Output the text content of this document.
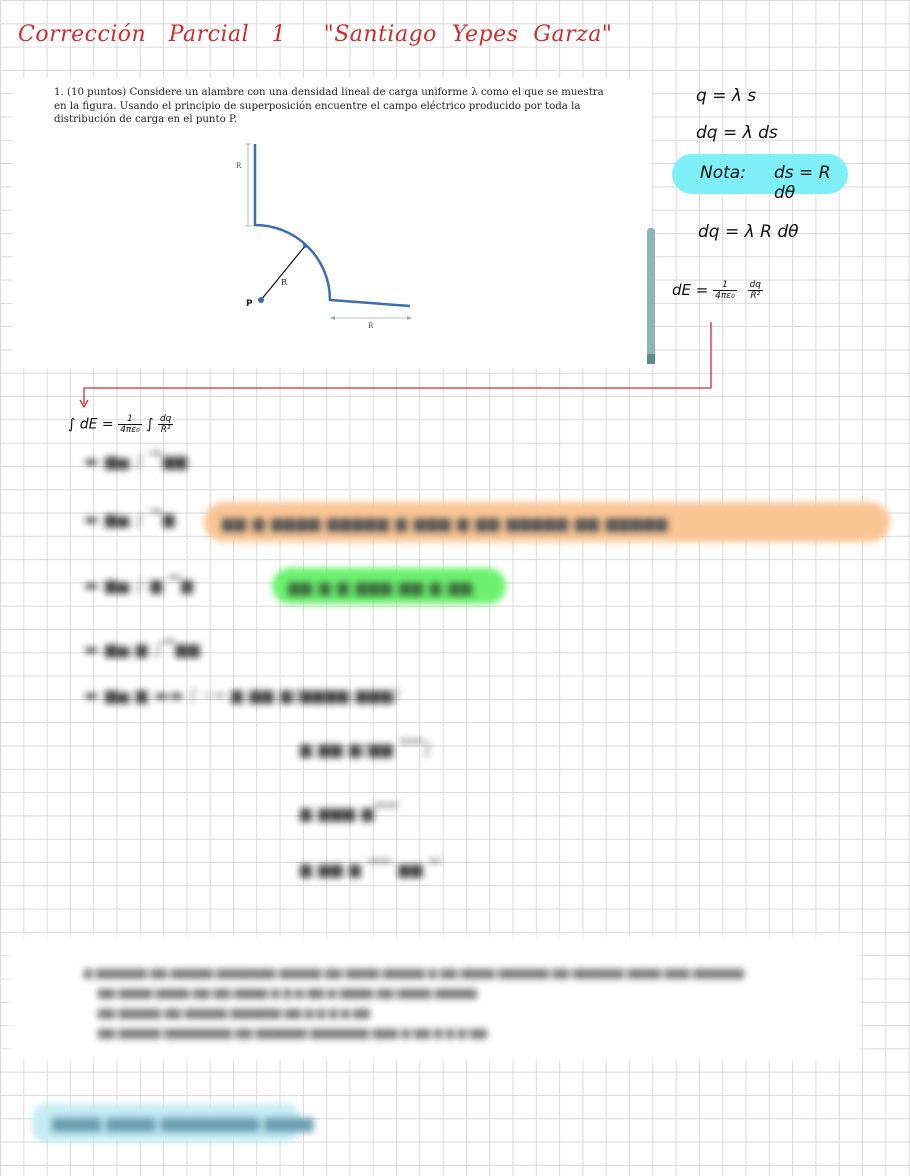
Corrección   Parcial   1     "Santiago  Yepes  Garza"
1. (10 puntos) Considere un alambre con una densidad lineal de carga uniforme λ como el que se muestra en la figura. Usando el principio de superposición encuentre el campo eléctrico producido por toda la distribución de carga en el punto P.
R
R
R
P
q = λ s
dq = λ ds
Nota: ds = R dθ
dq = λ R dθ
dE = $\frac{1}{\text{4πε₀}}$
$\frac{dq}{\text{R²}}$
∫ dE = $\frac{1}{\text{4πε₀}}$ ∫ $\frac{dq}{\text{R²}}$
▬ ▆▅ ∫ ▔▆▆
▬ ▆▅ ∫ ▔▆	▆▆ ▆ ▆▆▆▆ ▆▆▆▆▆ ▆ ▆▆▆ ▆ ▆▆ ▆▆▆▆▆ ▆▆ ▆▆▆▆▆
▬ ▆▅ ∫ ▆ ▔▆	▆▆ ▆ ▆ ▆▆▆ ▆▆ ▆ ▆▆
▬ ▆▅ ▆ ∫▔▆▆
▬ ▆▅ ▆ ▬▬ [ ⟶ ▆ ▆▆ ▆[▆▆▆▆ ▆▆▆]
▆ ▆▆ ▆[▆▆ ▔▔]
▆ ▆▆▆ ▆▔▔
▆ ▆▆ ▆ ▔▔ ▆▆ ▔
▆ ▆▆▆▆▆▆ ▆▆ ▆▆▆▆▆ ▆▆▆▆▆▆▆ ▆▆▆▆▆ ▆▆ ▆▆▆▆ ▆▆▆▆▆ ▆ ▆▆ ▆▆▆▆ ▆▆▆▆▆▆ ▆▆ ▆▆▆▆▆▆ ▆▆▆▆ ▆▆▆ ▆▆▆▆▆▆
▆▆ ▆▆▆▆ ▆▆▆▆ ▆▆ ▆▆ ▆▆▆▆ ▆ ▆ ▆ ▆▆ ▆ ▆▆▆▆ ▆▆ ▆▆▆▆ ▆▆▆▆▆
▆▆ ▆▆▆▆▆ ▆▆ ▆▆▆▆▆ ▆▆▆▆▆▆ ▆▆ ▆ ▆ ▆ ▆ ▆▆
▆▆ ▆▆▆▆▆ ▆▆▆▆▆▆▆▆ ▆▆ ▆▆▆▆▆▆ ▆▆▆▆▆▆▆ ▆▆▆ ▆ ▆▆ ▆ ▆ ▆ ▆▆
▆▆▆▆ ▆▆▆▆ ▆▆▆▆▆▆▆▆ ▆▆▆▆
